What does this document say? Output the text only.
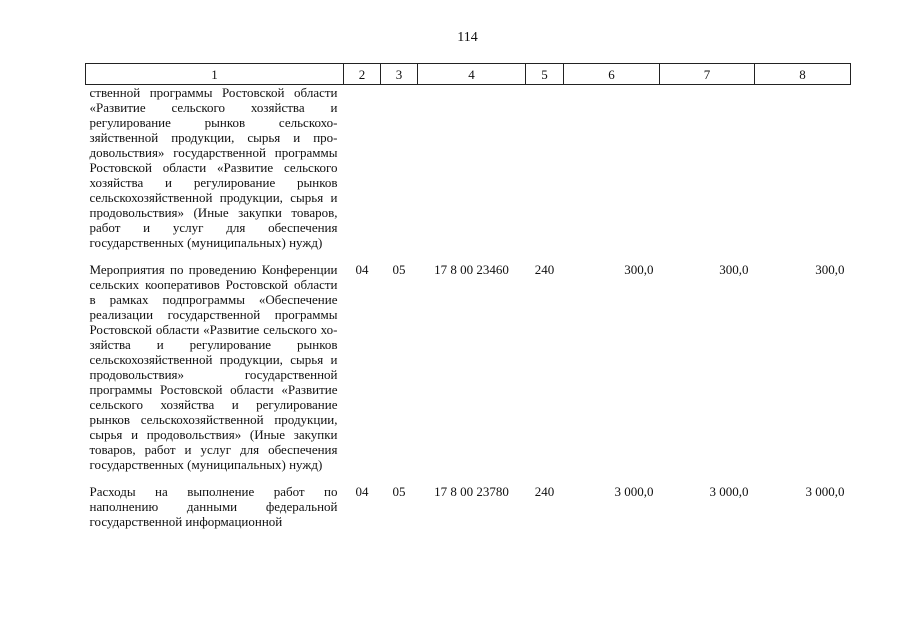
114
1	2	3	4	5	6	7	8
ственной программы Ростовской области «Развитие сельского хозяйства и регулирование рынков сельскохозяйственной продукции, сырья и продовольствия» государственной программы Ростовской области «Развитие сельского хозяйства и регулирование рынков сельскохозяйственной продукции, сырья и продовольствия» (Иные закупки товаров, работ и услуг для обеспечения государственных (муниципальных) нужд)							
Мероприятия по проведению Конференции сельских кооперативов Ростовской области в рамках подпрограммы «Обеспечение реализации государственной программы Ростовской области «Развитие сельского хозяйства и регулирование рынков сельскохозяйственной продукции, сырья и продовольствия» государственной программы Ростовской области «Развитие сельского хозяйства и регулирование рынков сельскохозяйственной продукции, сырья и продовольствия» (Иные закупки товаров, работ и услуг для обеспечения государственных (муниципальных) нужд)	04	05	17 8 00 23460	240	300,0	300,0	300,0
Расходы на выполнение работ по наполнению данными федеральной государственной информационной	04	05	17 8 00 23780	240	3 000,0	3 000,0	3 000,0
